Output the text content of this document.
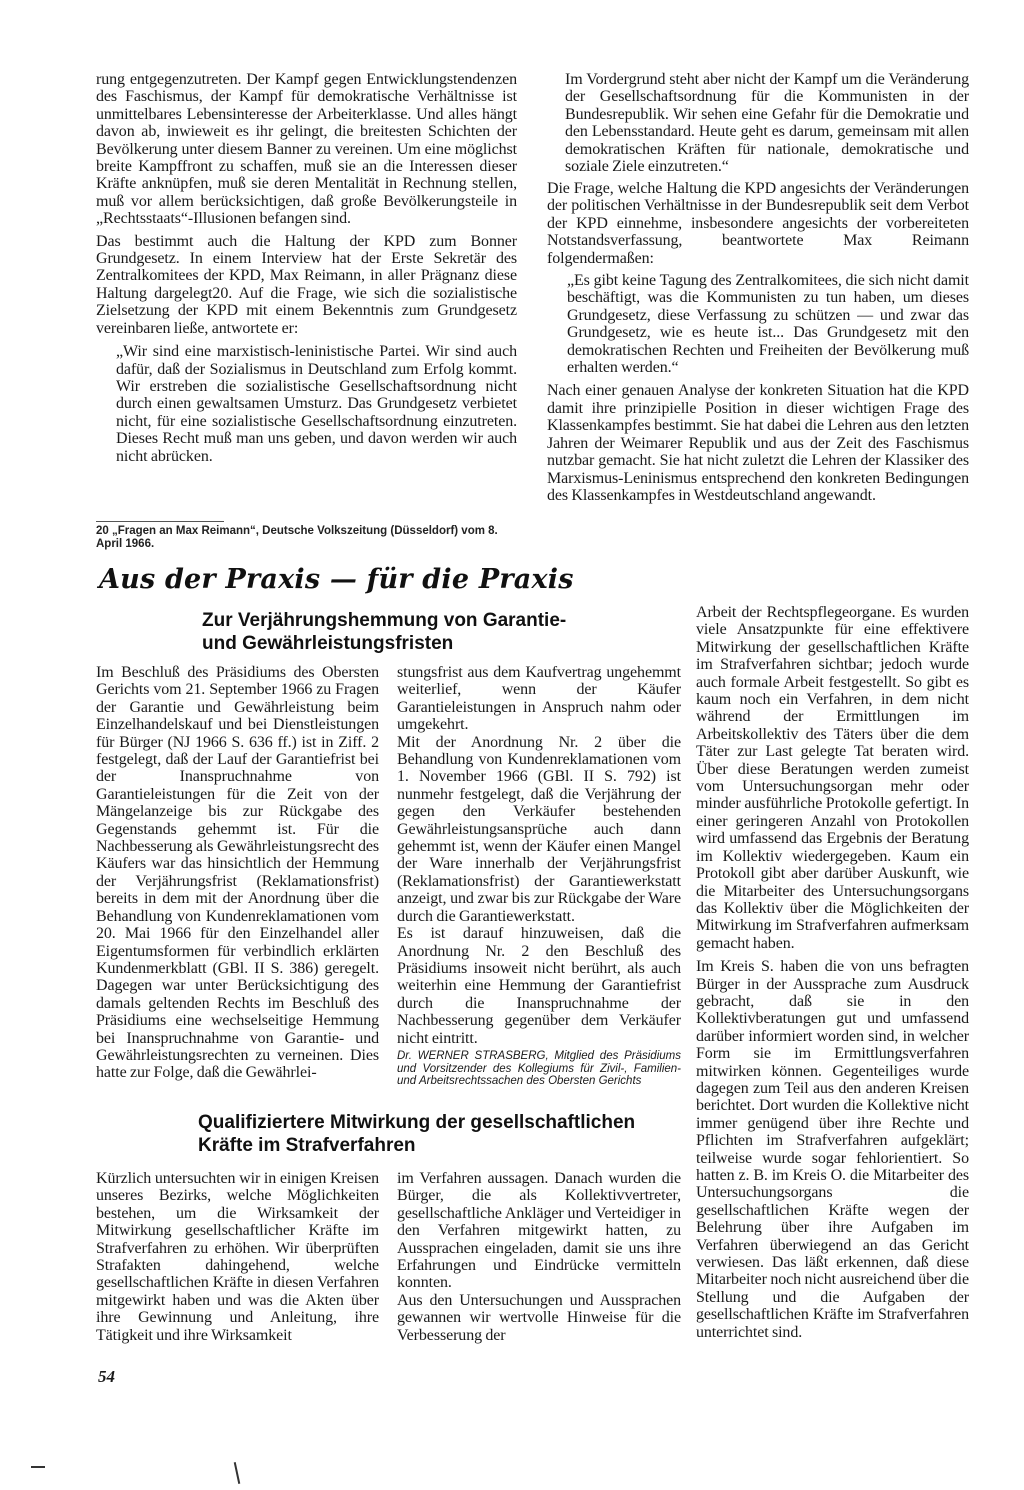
rung entgegenzutreten. Der Kampf gegen Entwicklungstendenzen des Faschismus, der Kampf für demokratische Verhältnisse ist unmittelbares Lebensinteresse der Arbeiterklasse. Und alles hängt davon ab, inwieweit es ihr gelingt, die breitesten Schichten der Bevölkerung unter diesem Banner zu vereinen. Um eine möglichst breite Kampffront zu schaffen, muß sie an die Interessen dieser Kräfte anknüpfen, muß sie deren Mentalität in Rechnung stellen, muß vor allem berücksichtigen, daß große Bevölkerungsteile in „Rechtsstaats“-Illusionen befangen sind.

Das bestimmt auch die Haltung der KPD zum Bonner Grundgesetz. In einem Interview hat der Erste Sekretär des Zentralkomitees der KPD, Max Reimann, in aller Prägnanz diese Haltung dargelegt20. Auf die Frage, wie sich die sozialistische Zielsetzung der KPD mit einem Bekenntnis zum Grundgesetz vereinbaren ließe, antwortete er:

„Wir sind eine marxistisch-leninistische Partei. Wir sind auch dafür, daß der Sozialismus in Deutschland zum Erfolg kommt. Wir erstreben die sozialistische Gesellschaftsordnung nicht durch einen gewaltsamen Umsturz. Das Grundgesetz verbietet nicht, für eine sozialistische Gesellschaftsordnung einzutreten. Dieses Recht muß man uns geben, und davon werden wir auch nicht abrücken.

20 „Fragen an Max Reimann“, Deutsche Volkszeitung (Düsseldorf) vom 8. April 1966.

Im Vordergrund steht aber nicht der Kampf um die Veränderung der Gesellschaftsordnung für die Kommunisten in der Bundesrepublik. Wir sehen eine Gefahr für die Demokratie und den Lebensstandard. Heute geht es darum, gemeinsam mit allen demokratischen Kräften für nationale, demokratische und soziale Ziele einzutreten.“

Die Frage, welche Haltung die KPD angesichts der Veränderungen der politischen Verhältnisse in der Bundesrepublik seit dem Verbot der KPD einnehme, insbesondere angesichts der vorbereiteten Notstandsverfassung, beantwortete Max Reimann folgendermaßen:

„Es gibt keine Tagung des Zentralkomitees, die sich nicht damit beschäftigt, was die Kommunisten zu tun haben, um dieses Grundgesetz, diese Verfassung zu schützen — und zwar das Grundgesetz, wie es heute ist... Das Grundgesetz mit den demokratischen Rechten und Freiheiten der Bevölkerung muß erhalten werden.“

Nach einer genauen Analyse der konkreten Situation hat die KPD damit ihre prinzipielle Position in dieser wichtigen Frage des Klassenkampfes bestimmt. Sie hat dabei die Lehren aus den letzten Jahren der Weimarer Republik und aus der Zeit des Faschismus nutzbar gemacht. Sie hat nicht zuletzt die Lehren der Klassiker des Marxismus-Leninismus entsprechend den konkreten Bedingungen des Klassenkampfes in Westdeutschland angewandt.

Aus der Praxis — für die Praxis

Zur Verjährungshemmung von Garantie- und Gewährleistungsfristen

Im Beschluß des Präsidiums des Obersten Gerichts vom 21. September 1966 zu Fragen der Garantie und Gewährleistung beim Einzelhandelskauf und bei Dienstleistungen für Bürger (NJ 1966 S. 636 ff.) ist in Ziff. 2 festgelegt, daß der Lauf der Garantiefrist bei der Inanspruchnahme von Garantieleistungen für die Zeit von der Mängelanzeige bis zur Rückgabe des Gegenstands gehemmt ist. Für die Nachbesserung als Gewährleistungsrecht des Käufers war das hinsichtlich der Hemmung der Verjährungsfrist (Reklamationsfrist) bereits in dem mit der Anordnung über die Behandlung von Kundenreklamationen vom 20. Mai 1966 für den Einzelhandel aller Eigentumsformen für verbindlich erklärten Kundenmerkblatt (GBl. II S. 386) geregelt. Dagegen war unter Berücksichtigung des damals geltenden Rechts im Beschluß des Präsidiums eine wechselseitige Hemmung bei Inanspruchnahme von Garantie- und Gewährleistungsrechten zu verneinen. Dies hatte zur Folge, daß die Gewährlei-

stungsfrist aus dem Kaufvertrag ungehemmt weiterlief, wenn der Käufer Garantieleistungen in Anspruch nahm oder umgekehrt.

Mit der Anordnung Nr. 2 über die Behandlung von Kundenreklamationen vom 1. November 1966 (GBl. II S. 792) ist nunmehr festgelegt, daß die Verjährung der gegen den Verkäufer bestehenden Gewährleistungsansprüche auch dann gehemmt ist, wenn der Käufer einen Mangel der Ware innerhalb der Verjährungsfrist (Reklamationsfrist) der Garantiewerkstatt anzeigt, und zwar bis zur Rückgabe der Ware durch die Garantiewerkstatt.

Es ist darauf hinzuweisen, daß die Anordnung Nr. 2 den Beschluß des Präsidiums insoweit nicht berührt, als auch weiterhin eine Hemmung der Garantiefrist durch die Inanspruchnahme der Nachbesserung gegenüber dem Verkäufer nicht eintritt.

Dr. WERNER STRASBERG, Mitglied des Präsidiums und Vorsitzender des Kollegiums für Zivil-, Familien- und Arbeitsrechtssachen des Obersten Gerichts

Qualifiziertere Mitwirkung der gesellschaftlichen Kräfte im Strafverfahren

Kürzlich untersuchten wir in einigen Kreisen unseres Bezirks, welche Möglichkeiten bestehen, um die Wirksamkeit der Mitwirkung gesellschaftlicher Kräfte im Strafverfahren zu erhöhen. Wir überprüften Strafakten dahingehend, welche gesellschaftlichen Kräfte in diesen Verfahren mitgewirkt haben und was die Akten über ihre Gewinnung und Anleitung, ihre Tätigkeit und ihre Wirksamkeit

im Verfahren aussagen. Danach wurden die Bürger, die als Kollektivvertreter, gesellschaftliche Ankläger und Verteidiger in den Verfahren mitgewirkt hatten, zu Aussprachen eingeladen, damit sie uns ihre Erfahrungen und Eindrücke vermitteln konnten.

Aus den Untersuchungen und Aussprachen gewannen wir wertvolle Hinweise für die Verbesserung der

Arbeit der Rechtspflegeorgane. Es wurden viele Ansatzpunkte für eine effektivere Mitwirkung der gesellschaftlichen Kräfte im Strafverfahren sichtbar; jedoch wurde auch formale Arbeit festgestellt. So gibt es kaum noch ein Verfahren, in dem nicht während der Ermittlungen im Arbeitskollektiv des Täters über die dem Täter zur Last gelegte Tat beraten wird. Über diese Beratungen werden zumeist vom Untersuchungsorgan mehr oder minder ausführliche Protokolle gefertigt. In einer geringeren Anzahl von Protokollen wird umfassend das Ergebnis der Beratung im Kollektiv wiedergegeben. Kaum ein Protokoll gibt aber darüber Auskunft, wie die Mitarbeiter des Untersuchungsorgans das Kollektiv über die Möglichkeiten der Mitwirkung im Strafverfahren aufmerksam gemacht haben.

Im Kreis S. haben die von uns befragten Bürger in der Aussprache zum Ausdruck gebracht, daß sie in den Kollektivberatungen gut und umfassend darüber informiert worden sind, in welcher Form sie im Ermittlungsverfahren mitwirken können. Gegenteiliges wurde dagegen zum Teil aus den anderen Kreisen berichtet. Dort wurden die Kollektive nicht immer genügend über ihre Rechte und Pflichten im Strafverfahren aufgeklärt; teilweise wurde sogar fehlorientiert. So hatten z. B. im Kreis O. die Mitarbeiter des Untersuchungsorgans die gesellschaftlichen Kräfte wegen der Belehrung über ihre Aufgaben im Verfahren überwiegend an das Gericht verwiesen. Das läßt erkennen, daß diese Mitarbeiter noch nicht ausreichend über die Stellung und die Aufgaben der gesellschaftlichen Kräfte im Strafverfahren unterrichtet sind.

54
